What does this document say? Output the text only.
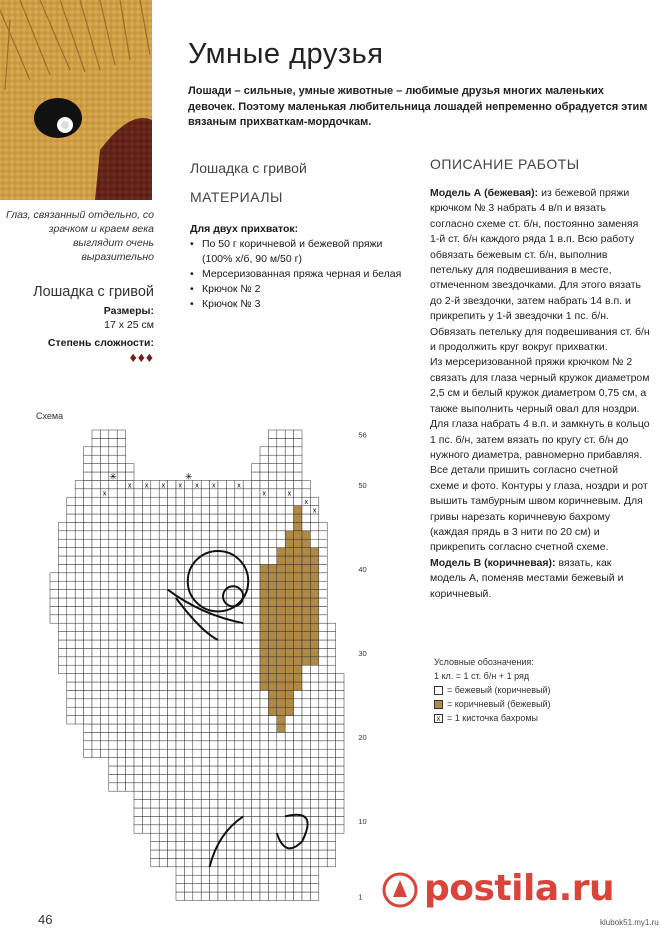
Глаз, связанный отдельно, со зрачком и краем века выглядит очень выразительно
Лошадка с гривой
Размеры:
17 х 25 см
Степень сложности:
♦♦♦
Умные друзья
Лошади – сильные, умные животные – любимые друзья многих маленьких девочек. Поэтому маленькая любительница лошадей непременно обрадуется этим вязаным прихваткам-мордочкам.
Лошадка с гривой
МАТЕРИАЛЫ
ОПИСАНИЕ РАБОТЫ
Для двух прихваток:
• По 50 г коричневой и бежевой пряжи (100% х/б, 90 м/50 г)
• Мерсеризованная пряжа черная и белая
• Крючок № 2
• Крючок № 3

Модель А (бежевая): из бежевой пряжи крючком № 3 набрать 4 в/п и вязать согласно схеме ст. б/н, постоянно заменяя 1-й ст. б/н каждого ряда 1 в.п. Всю работу обвязать бежевым ст. б/н, выполнив петельку для подвешивания в месте, отмеченном звездочками. Для этого вязать до 2-й звездочки, затем набрать 14 в.п. и прикрепить у 1-й звездочки 1 пс. б/н. Обвязать петельку для подвешивания ст. б/н и продолжить круг вокруг прихватки.

Из мерсеризованной пряжи крючком № 2 связать для глаза черный кружок диаметром 2,5 см и белый кружок диаметром 0,75 см, а также выполнить черный овал для ноздри. Для глаза набрать 4 в.п. и замкнуть в кольцо 1 пс. б/н, затем вязать по кругу ст. б/н до нужного диаметра, равномерно прибавляя. Все детали пришить согласно счетной схеме и фото. Контуры у глаза, ноздри и рот вышить тамбурным швом коричневым. Для гривы нарезать коричневую бахрому (каждая прядь в 3 нити по 20 см) и прикрепить согласно счетной схеме.

Модель В (коричневая): вязать, как модель А, поменяв местами бежевый и коричневый.

Условные обозначения:
1 кл. = 1 ст. б/н + 1 ряд
= бежевый (коричневый)
= коричневый (бежевый)
x = 1 кисточка бахромы
Схема
x
x x x x x x	x
x	x
x
x
✳	✳
56
50
40
30
20
10
1
46
postila.ru
klubok51.my1.ru
